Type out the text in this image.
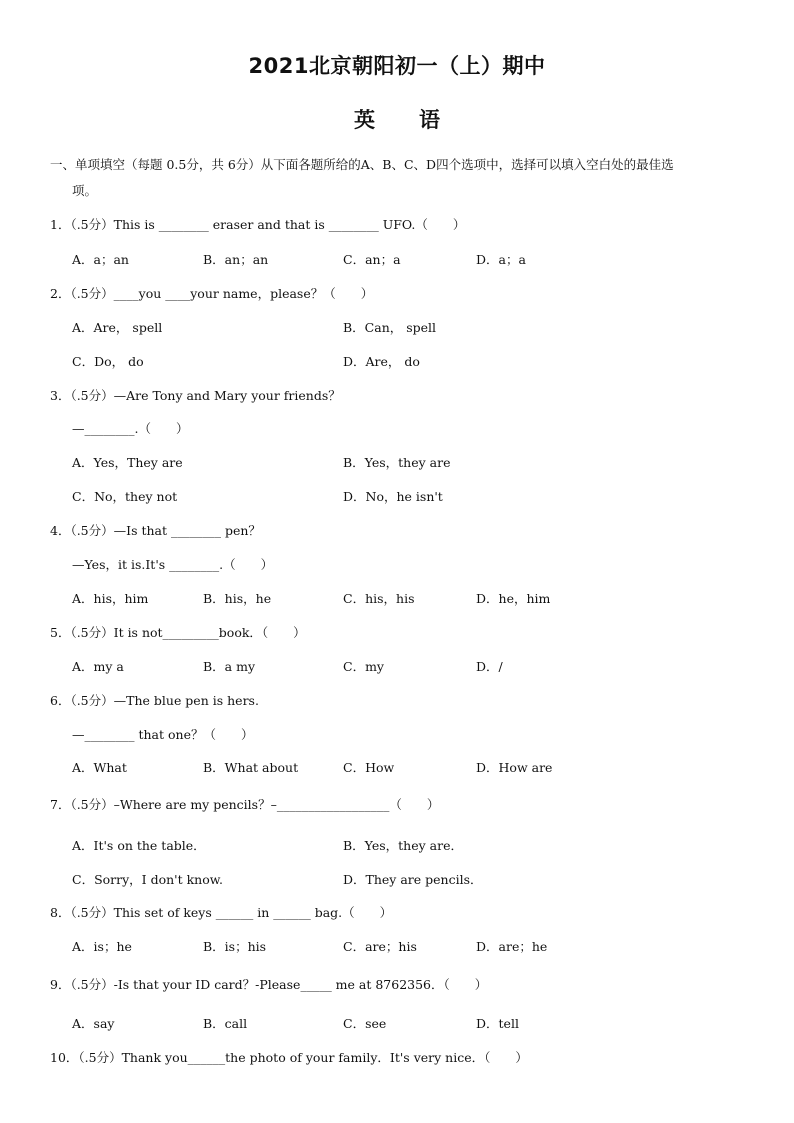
2021北京朝阳初一（上）期中
英 语
一、单项填空（每题 0.5分，共 6分）从下面各题所给的A、B、C、D四个选项中，选择可以填入空白处的最佳选
项。
1．（.5分）This is ________ eraser and that is ________ UFO.（　　）
A．a；an	B．an；an	C．an；a	D．a；a
2．（.5分）____you ____your name，please？（　　）
A．Are， spell	B．Can， spell
C．Do， do	D．Are， do
3．（.5分）—Are Tony and Mary your friends？
—________.（　　）
A．Yes，They are	B．Yes，they are
C．No，they not	D．No，he isn't
4．（.5分）—Is that ________ pen？
—Yes，it is.It's ________.（　　）
A．his，him	B．his，he	C．his，his	D．he，him
5．（.5分）It is not_________book．（　　）
A．my a	B．a my	C．my	D．/
6．（.5分）—The blue pen is hers.
—________ that one？（　　）
A．What	B．What about	C．How	D．How are
7．（.5分）–Where are my pencils？–__________________（　　）
A．It's on the table．	B．Yes，they are．
C．Sorry，I don't know.	D．They are pencils．
8．（.5分）This set of keys ______ in ______ bag.（　　）
A．is；he	B．is；his	C．are；his	D．are；he
9．（.5分）-Is that your ID card？-Please_____ me at 8762356．（　　）
A．say	B．call	C．see	D．tell
10．（.5分）Thank you______the photo of your family．It's very nice．（　　）
